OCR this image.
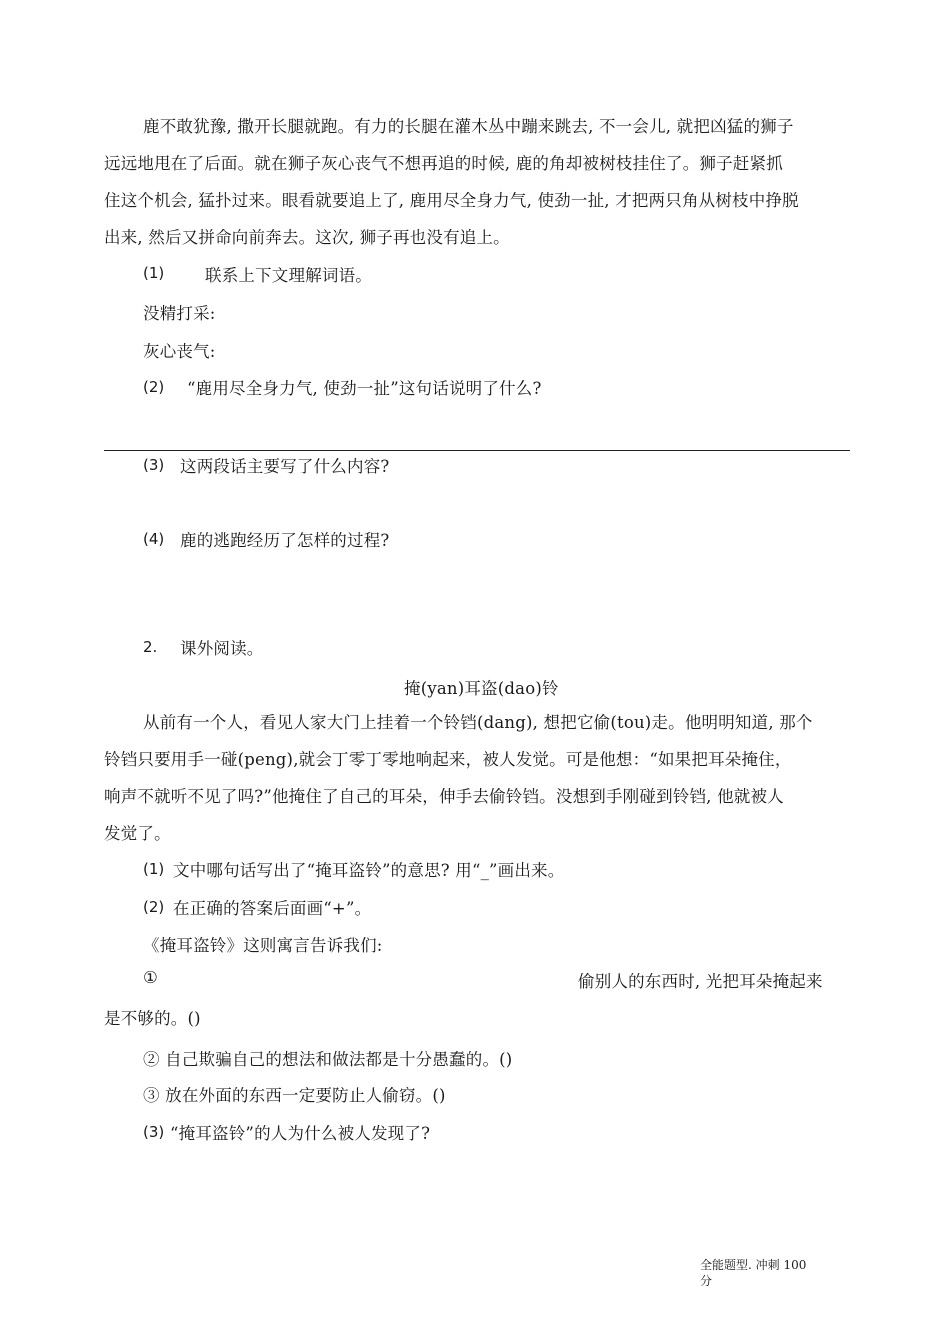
鹿不敢犹豫, 撒开长腿就跑。有力的长腿在灌木丛中蹦来跳去, 不一会儿, 就把凶猛的狮子
远远地甩在了后面。就在狮子灰心丧气不想再追的时候, 鹿的角却被树枝挂住了。狮子赶紧抓
住这个机会, 猛扑过来。眼看就要追上了, 鹿用尽全身力气, 使劲一扯, 才把两只角从树枝中挣脱
出来, 然后又拼命向前奔去。这次, 狮子再也没有追上。
(1) 联系上下文理解词语。
没精打采:
灰心丧气:
(2) “鹿用尽全身力气, 使劲一扯”这句话说明了什么?
(3) 这两段话主要写了什么内容?
(4) 鹿的逃跑经历了怎样的过程?
2. 课外阅读。
掩(yan)耳盗(dao)铃
从前有一个人，看见人家大门上挂着一个铃铛(dang), 想把它偷(tou)走。他明明知道, 那个
铃铛只要用手一碰(peng),就会丁零丁零地响起来，被人发觉。可是他想：“如果把耳朵掩住，
响声不就听不见了吗?”他掩住了自己的耳朵，伸手去偷铃铛。没想到手刚碰到铃铛, 他就被人
发觉了。
(1) 文中哪句话写出了“掩耳盗铃”的意思? 用“_”画出来。
(2) 在正确的答案后面画“+”。
《掩耳盗铃》这则寓言告诉我们:
①	偷别人的东西时, 光把耳朵掩起来
是不够的。()
② 自己欺骗自己的想法和做法都是十分愚蠢的。()
③ 放在外面的东西一定要防止人偷窃。()
(3) “掩耳盗铃”的人为什么被人发现了?
全能题型. 冲刺 100
分
